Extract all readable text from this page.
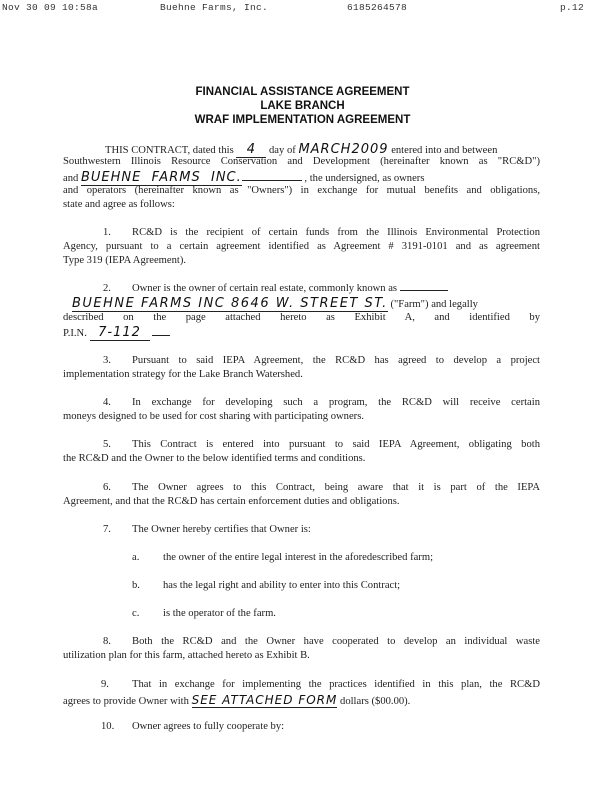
Nov 30 09 10:58a	Buehne Farms, Inc.	6185264578	p.12
FINANCIAL ASSISTANCE AGREEMENT
LAKE BRANCH
WRAF IMPLEMENTATION AGREEMENT
THIS CONTRACT, dated this 4 day of MARCH2009 entered into and between
Southwestern Illinois Resource Conservation and Development (hereinafter known as "RC&D")
and BUEHNE FARMS INC.	, the undersigned, as owners
and operators (hereinafter known as "Owners") in exchange for mutual benefits and obligations,
state and agree as follows:
1. RC&D is the recipient of certain funds from the Illinois Environmental Protection
Agency, pursuant to a certain agreement identified as Agreement # 3191-0101 and as agreement
Type 319 (IEPA Agreement).
2. Owner is the owner of certain real estate, commonly known as
BUEHNE FARMS INC 8646 W. STREET ST. ("Farm") and legally
described on the page attached hereto as Exhibit A, and identified by
P.I.N. 7-112
3. Pursuant to said IEPA Agreement, the RC&D has agreed to develop a project
implementation strategy for the Lake Branch Watershed.
4. In exchange for developing such a program, the RC&D will receive certain
moneys designed to be used for cost sharing with participating owners.
5. This Contract is entered into pursuant to said IEPA Agreement, obligating both
the RC&D and the Owner to the below identified terms and conditions.
6. The Owner agrees to this Contract, being aware that it is part of the IEPA
Agreement, and that the RC&D has certain enforcement duties and obligations.
7. The Owner hereby certifies that Owner is:
a. the owner of the entire legal interest in the aforedescribed farm;
b. has the legal right and ability to enter into this Contract;
c. is the operator of the farm.
8. Both the RC&D and the Owner have cooperated to develop an individual waste
utilization plan for this farm, attached hereto as Exhibit B.
9. That in exchange for implementing the practices identified in this plan, the RC&D
agrees to provide Owner with SEE ATTACHED FORM dollars ($00.00).
10. Owner agrees to fully cooperate by:
